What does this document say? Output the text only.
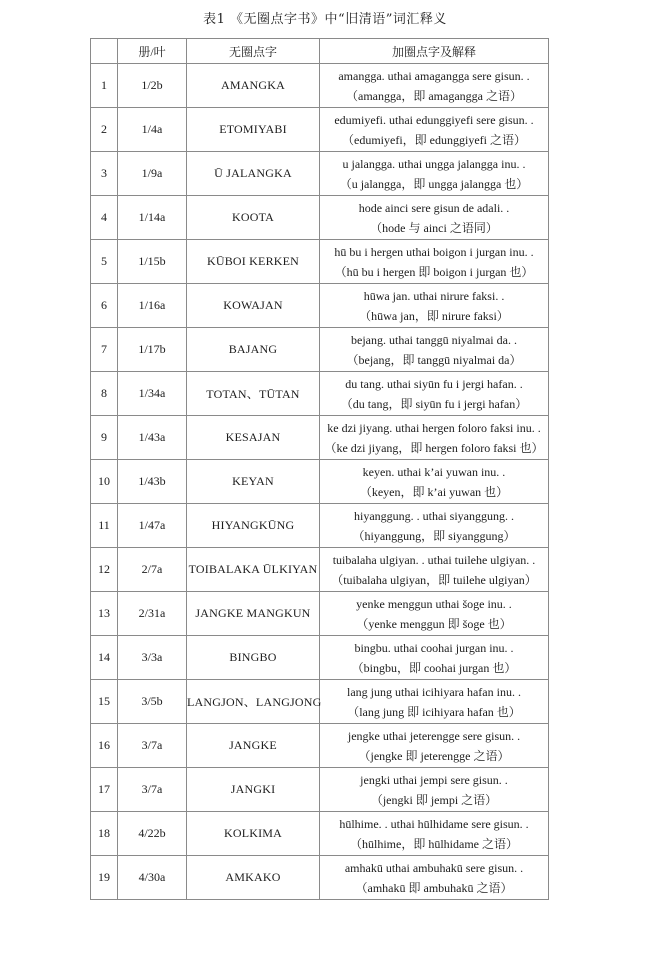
表1 《无圈点字书》中“旧清语”词汇释义
	册/叶	无圈点字	加圈点字及解释
1	1/2b	AMANGKA	amangga. uthai amagangga sere gisun. .
（amangga，即 amagangga 之语）

2	1/4a	ETOMIYABI	edumiyefi. uthai edunggiyefi sere gisun. .
（edumiyefi，即 edunggiyefi 之语）

3	1/9a	Ū JALANGKA	u jalangga. uthai ungga jalangga inu. .
（u jalangga，即 ungga jalangga 也）

4	1/14a	KOOTA	hode ainci sere gisun de adali. .
（hode 与 ainci 之语同）

5	1/15b	KŪBOI KERKEN	hū bu i hergen uthai boigon i jurgan inu. .
（hū bu i hergen 即 boigon i jurgan 也）

6	1/16a	KOWAJAN	hūwa jan. uthai nirure faksi. .
（hūwa jan，即 nirure faksi）

7	1/17b	BAJANG	bejang. uthai tanggū niyalmai da. .
（bejang，即 tanggū niyalmai da）

8	1/34a	TOTAN、TŪTAN	du tang. uthai siyūn fu i jergi hafan. .
（du tang，即 siyūn fu i jergi hafan）

9	1/43a	KESAJAN	ke dzi jiyang. uthai hergen foloro faksi inu. .
（ke dzi jiyang，即 hergen foloro faksi 也）

10	1/43b	KEYAN	keyen. uthai k’ai yuwan inu. .
（keyen，即 k’ai yuwan 也）

11	1/47a	HIYANGKŪNG	hiyanggung. . uthai siyanggung. .
（hiyanggung，即 siyanggung）

12	2/7a	TOIBALAKA ŪLKIYAN	tuibalaha ulgiyan. . uthai tuilehe ulgiyan. .
（tuibalaha ulgiyan，即 tuilehe ulgiyan）

13	2/31a	JANGKE MANGKUN	yenke menggun uthai šoge inu. .
（yenke menggun 即 šoge 也）

14	3/3a	BINGBO	bingbu. uthai coohai jurgan inu. .
（bingbu，即 coohai jurgan 也）

15	3/5b	LANGJON、LANGJONG	lang jung uthai icihiyara hafan inu. .
（lang jung 即 icihiyara hafan 也）

16	3/7a	JANGKE	jengke uthai jeterengge sere gisun. .
（jengke 即 jeterengge 之语）

17	3/7a	JANGKI	jengki uthai jempi sere gisun. .
（jengki 即 jempi 之语）

18	4/22b	KOLKIMA	hūlhime. . uthai hūlhidame sere gisun. .
（hūlhime，即 hūlhidame 之语）

19	4/30a	AMKAKO	amhakū uthai ambuhakū sere gisun. .
（amhakū 即 ambuhakū 之语）
